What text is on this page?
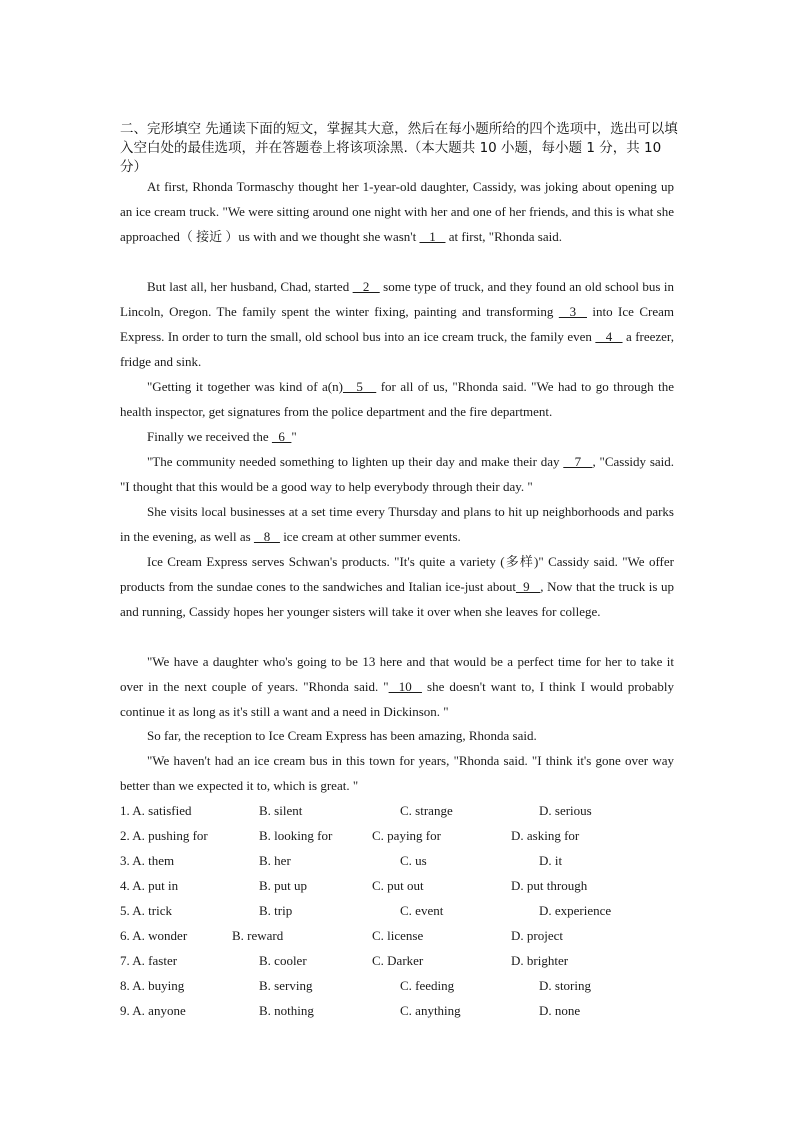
二、完形填空 先通读下面的短文，掌握其大意，然后在每小题所给的四个选项中，选出可以填 入空白处的最佳选项，并在答题卷上将该项涂黑.（本大题共 10 小题，每小题 1 分，共 10 分）
At first, Rhonda Tormaschy thought her 1-year-old daughter, Cassidy, was joking about opening up an ice cream truck. "We were sitting around one night with her and one of her friends, and this is what she approached（ 接近 ）us with and we thought she wasn't    1    at first, "Rhonda said.
But last all, her husband, Chad, started    2    some type of truck, and they found an old school bus in Lincoln, Oregon. The family spent the winter fixing, painting and transforming   3   into Ice Cream Express. In order to turn the small, old school bus into an ice cream truck, the family even    4    a freezer, fridge and sink.
"Getting it together was kind of a(n)   5    for all of us, "Rhonda said. "We had to go through the health inspector, get signatures from the police department and the fire department.
Finally we received the   6  "
"The community needed something to lighten up their day and make their day    7   , "Cassidy said. "I thought that this would be a good way to help everybody through their day. "
She visits local businesses at a set time every Thursday and plans to hit up neighborhoods and parks in the evening, as well as    8    ice cream at other summer events.
Ice Cream Express serves Schwan's products. "It's quite a variety (多样)" Cassidy said. "We offer products from the sundae cones to the sandwiches and Italian ice-just about  9   , Now that the truck is up and running, Cassidy hopes her younger sisters will take it over when she leaves for college.
"We have a daughter who's going to be 13 here and that would be a perfect time for her to take it over in the next couple of years. "Rhonda said. "  10   she doesn't want to, I think I would probably continue it as long as it's still a want and a need in Dickinson. "
So far, the reception to Ice Cream Express has been amazing, Rhonda said.
"We haven't had an ice cream bus in this town for years, "Rhonda said. "I think it's gone over way better than we expected it to, which is great. "
1. A. satisfied	B. silent	C. strange	D. serious
2. A. pushing for	B. looking for	C. paying for	D. asking for
3. A. them	B. her	C. us	D. it
4. A. put in	B. put up	C. put out	D. put through
5. A. trick	B. trip	C. event	D. experience
6. A. wonder	B. reward	C. license	D. project
7. A. faster	B. cooler	C. Darker	D. brighter
8. A. buying	B. serving	C. feeding	D. storing
9. A. anyone	B. nothing	C. anything	D. none
